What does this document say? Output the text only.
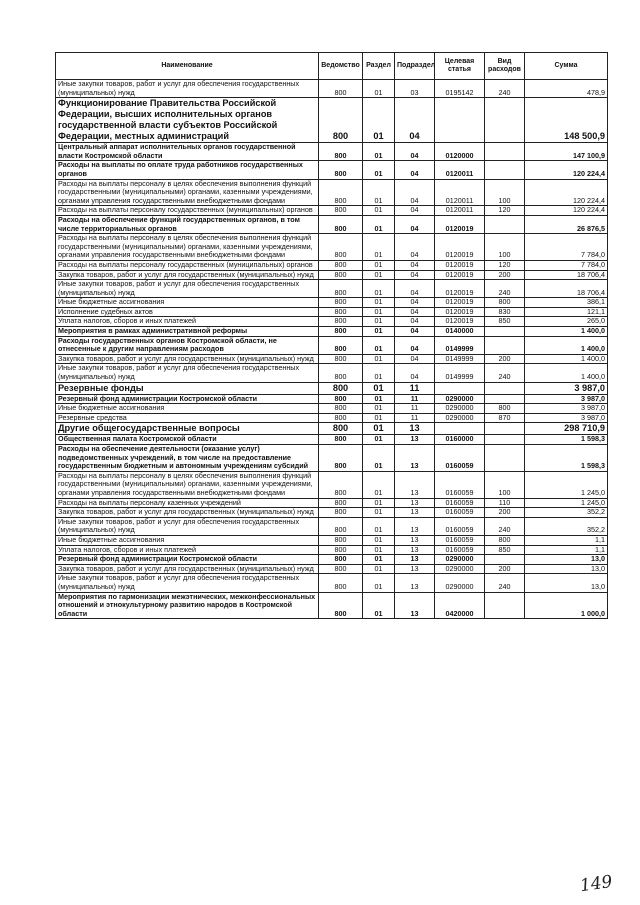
Наименование	Ведомство	Раздел	Подраздел	Целевая статья	Вид расходов	Сумма
Иные закупки товаров, работ и услуг для обеспечения государственных (муниципальных) нужд	800	01	03	0195142	240	478,9
Функционирование Правительства Российской Федерации, высших исполнительных органов государственной власти субъектов Российской Федерации, местных администраций	800	01	04			148 500,9
Центральный аппарат исполнительных органов государственной власти Костромской области	800	01	04	0120000		147 100,9
Расходы на выплаты по оплате труда работников государственных органов	800	01	04	0120011		120 224,4
Расходы на выплаты персоналу в целях обеспечения выполнения функций государственными (муниципальными) органами, казенными учреждениями, органами управления государственными внебюджетными фондами	800	01	04	0120011	100	120 224,4
Расходы на выплаты персоналу государственных (муниципальных) органов	800	01	04	0120011	120	120 224,4
Расходы на обеспечение функций государственных органов, в том числе территориальных органов	800	01	04	0120019		26 876,5
Расходы на выплаты персоналу в целях обеспечения выполнения функций государственными (муниципальными) органами, казенными учреждениями, органами управления государственными внебюджетными фондами	800	01	04	0120019	100	7 784,0
Расходы на выплаты персоналу государственных (муниципальных) органов	800	01	04	0120019	120	7 784,0
Закупка товаров, работ и услуг для государственных (муниципальных) нужд	800	01	04	0120019	200	18 706,4
Иные закупки товаров, работ и услуг для обеспечения государственных (муниципальных) нужд	800	01	04	0120019	240	18 706,4
Иные бюджетные ассигнования	800	01	04	0120019	800	386,1
Исполнение судебных актов	800	01	04	0120019	830	121,1
Уплата налогов, сборов и иных платежей	800	01	04	0120019	850	265,0
Мероприятия в рамках административной реформы	800	01	04	0140000		1 400,0
Расходы государственных органов Костромской области, не отнесенные к другим направлениям расходов	800	01	04	0149999		1 400,0
Закупка товаров, работ и услуг для государственных (муниципальных) нужд	800	01	04	0149999	200	1 400,0
Иные закупки товаров, работ и услуг для обеспечения государственных (муниципальных) нужд	800	01	04	0149999	240	1 400,0
Резервные фонды	800	01	11			3 987,0
Резервный фонд администрации Костромской области	800	01	11	0290000		3 987,0
Иные бюджетные ассигнования	800	01	11	0290000	800	3 987,0
Резервные средства	800	01	11	0290000	870	3 987,0
Другие общегосударственные вопросы	800	01	13			298 710,9
Общественная палата Костромской области	800	01	13	0160000		1 598,3
Расходы на обеспечение деятельности (оказание услуг) подведомственных учреждений, в том числе на предоставление государственным бюджетным и автономным учреждениям субсидий	800	01	13	0160059		1 598,3
Расходы на выплаты персоналу в целях обеспечения выполнения функций государственными (муниципальными) органами, казенными учреждениями, органами управления государственными внебюджетными фондами	800	01	13	0160059	100	1 245,0
Расходы на выплаты персоналу казенных учреждений	800	01	13	0160059	110	1 245,0
Закупка товаров, работ и услуг для государственных (муниципальных) нужд	800	01	13	0160059	200	352,2
Иные закупки товаров, работ и услуг для обеспечения государственных (муниципальных) нужд	800	01	13	0160059	240	352,2
Иные бюджетные ассигнования	800	01	13	0160059	800	1,1
Уплата налогов, сборов и иных платежей	800	01	13	0160059	850	1,1
Резервный фонд администрации Костромской области	800	01	13	0290000		13,0
Закупка товаров, работ и услуг для государственных (муниципальных) нужд	800	01	13	0290000	200	13,0
Иные закупки товаров, работ и услуг для обеспечения государственных (муниципальных) нужд	800	01	13	0290000	240	13,0
Мероприятия по гармонизации межэтнических, межконфессиональных отношений и этнокультурному развитию народов в Костромской области	800	01	13	0420000		1 000,0
149
